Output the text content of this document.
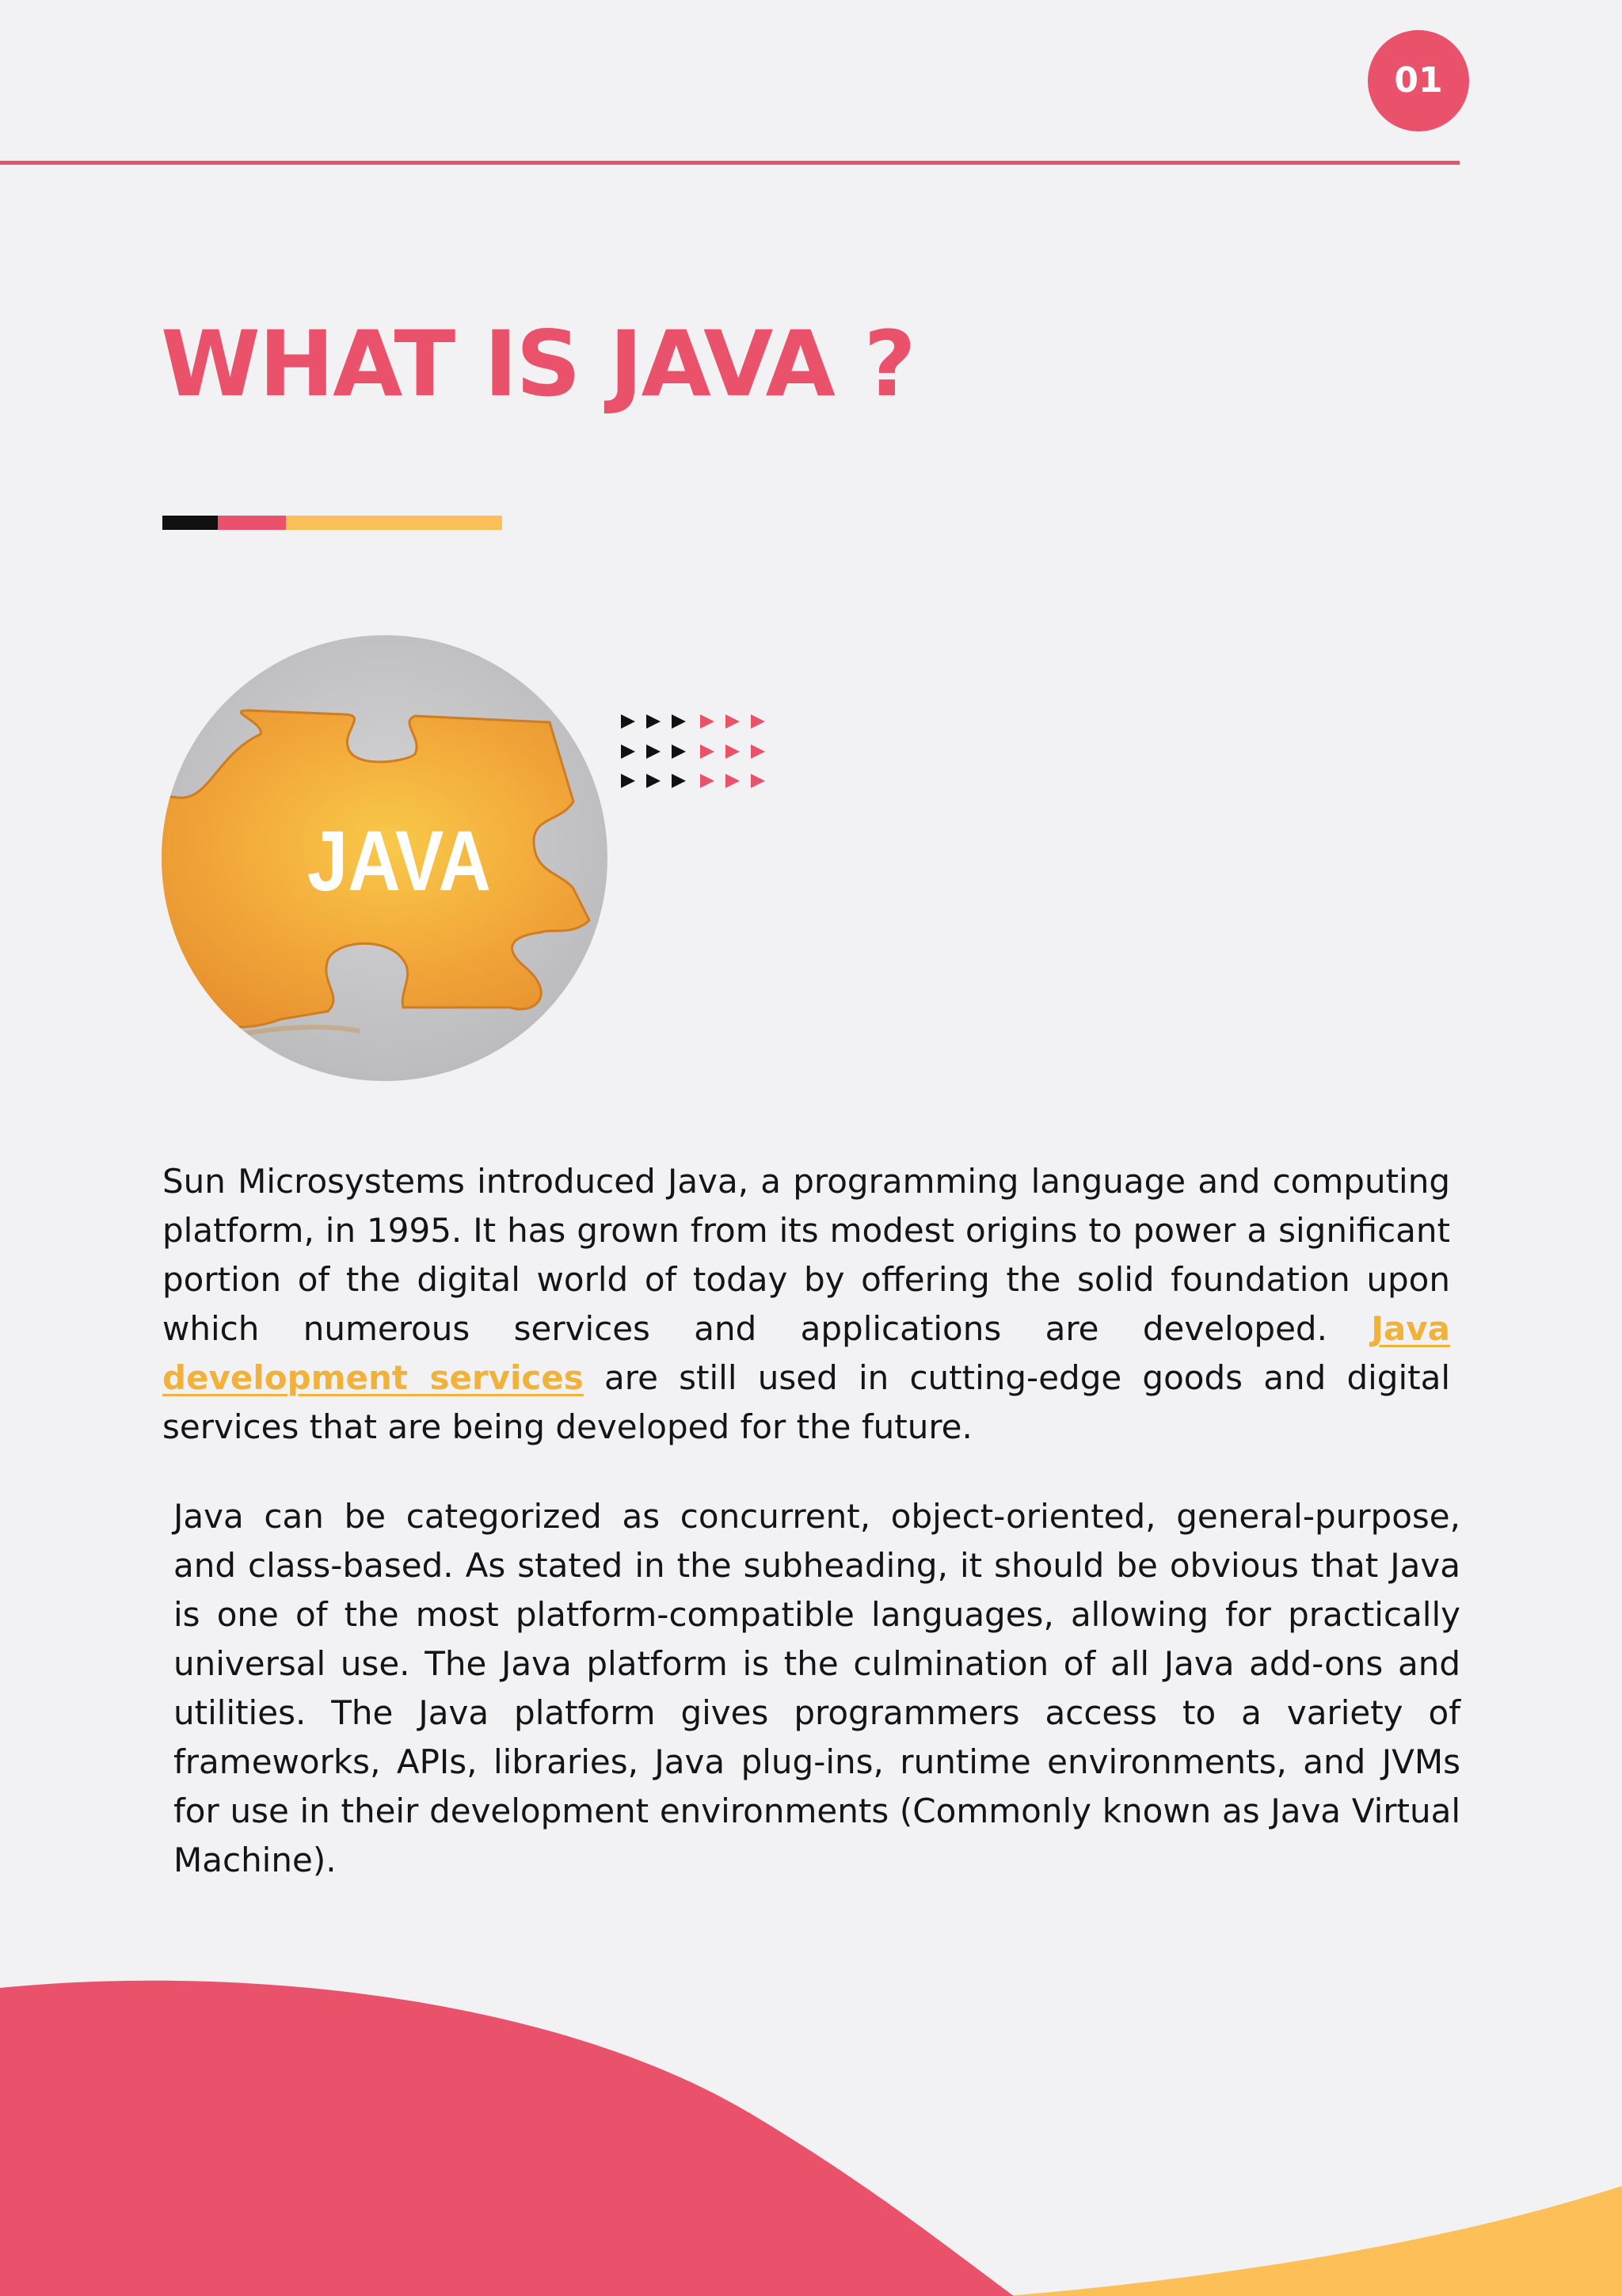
01
WHAT IS JAVA ?
JAVA

Sun Microsystems introduced Java, a programming language and computing platform, in 1995. It has grown from its modest origins to power a significant portion of the digital world of today by offering the solid foundation upon which numerous services and applications are developed. Java development services are still used in cutting-edge goods and digital services that are being developed for the future.

Java can be categorized as concurrent, object-oriented, general-purpose, and class-based. As stated in the subheading, it should be obvious that Java is one of the most platform-compatible languages, allowing for practically universal use. The Java platform is the culmination of all Java add-ons and utilities. The Java platform gives programmers access to a variety of frameworks, APIs, libraries, Java plug-ins, runtime environments, and JVMs for use in their development environments (Commonly known as Java Virtual Machine).
